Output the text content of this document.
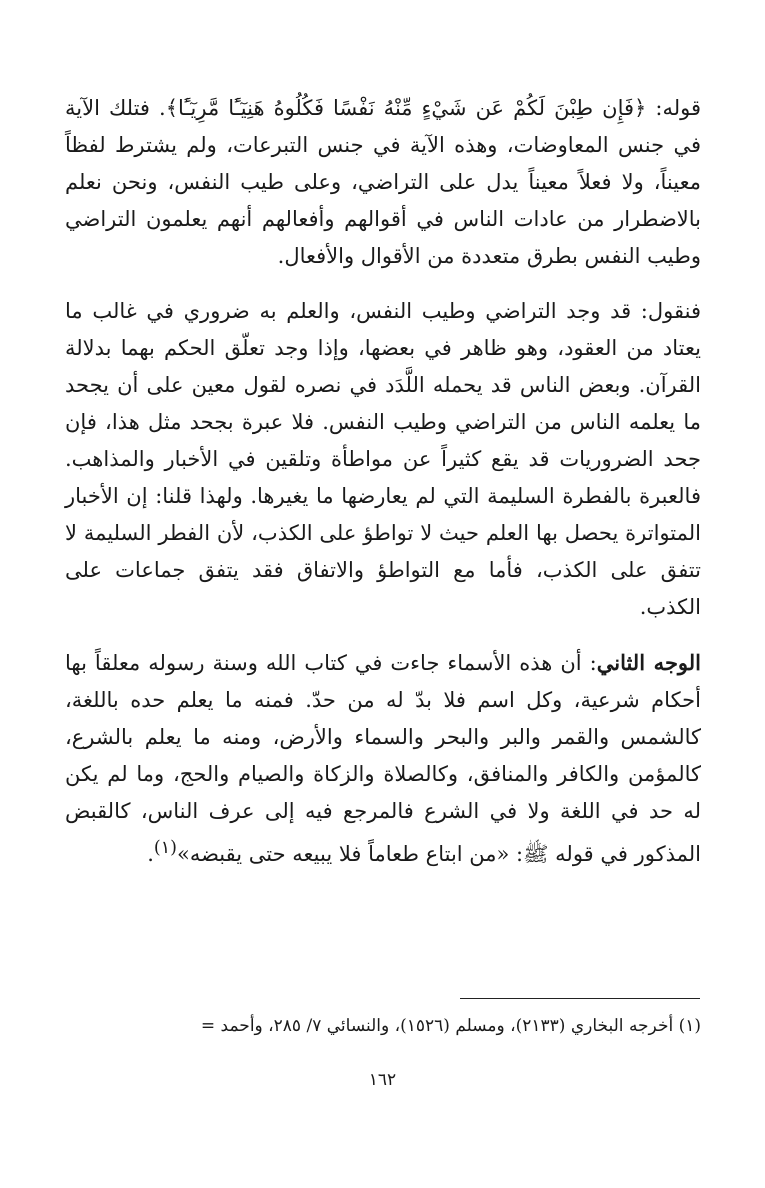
قوله: ﴿فَإِن طِبْنَ لَكُمْ عَن شَيْءٍ مِّنْهُ نَفْسًا فَكُلُوهُ هَنِيٓـًٔا مَّرِيٓـًٔا﴾. فتلك الآية في جنس المعاوضات، وهذه الآية في جنس التبرعات، ولم يشترط لفظاً معيناً، ولا فعلاً معيناً يدل على التراضي، وعلى طيب النفس، ونحن نعلم بالاضطرار من عادات الناس في أقوالهم وأفعالهم أنهم يعلمون التراضي وطيب النفس بطرق متعددة من الأقوال والأفعال.

فنقول: قد وجد التراضي وطيب النفس، والعلم به ضروري في غالب ما يعتاد من العقود، وهو ظاهر في بعضها، وإذا وجد تعلّق الحكم بهما بدلالة القرآن. وبعض الناس قد يحمله اللَّدَد في نصره لقول معين على أن يجحد ما يعلمه الناس من التراضي وطيب النفس. فلا عبرة بجحد مثل هذا، فإن جحد الضروريات قد يقع كثيراً عن مواطأة وتلقين في الأخبار والمذاهب. فالعبرة بالفطرة السليمة التي لم يعارضها ما يغيرها. ولهذا قلنا: إن الأخبار المتواترة يحصل بها العلم حيث لا تواطؤ على الكذب، لأن الفطر السليمة لا تتفق على الكذب، فأما مع التواطؤ والاتفاق فقد يتفق جماعات على الكذب.

الوجه الثاني: أن هذه الأسماء جاءت في كتاب الله وسنة رسوله معلقاً بها أحكام شرعية، وكل اسم فلا بدّ له من حدّ. فمنه ما يعلم حده باللغة، كالشمس والقمر والبر والبحر والسماء والأرض، ومنه ما يعلم بالشرع، كالمؤمن والكافر والمنافق، وكالصلاة والزكاة والصيام والحج، وما لم يكن له حد في اللغة ولا في الشرع فالمرجع فيه إلى عرف الناس، كالقبض المذكور في قوله ﷺ: «من ابتاع طعاماً فلا يبيعه حتى يقبضه»$^{(١)}$.

(١) أخرجه البخاري (٢١٣٣)، ومسلم (١٥٢٦)، والنسائي ٧/ ٢٨٥، وأحمد =

١٦٢
